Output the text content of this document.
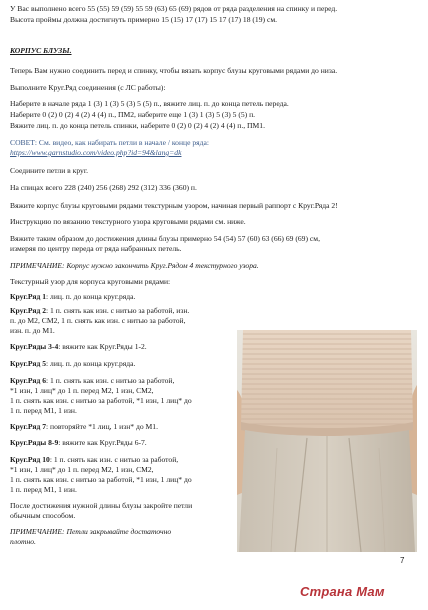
У Вас выполнено всего 55 (55) 59 (59) 55 59 (63) 65 (69) рядов от ряда разделения на спинку и перед.

Высота проймы должна достигнуть примерно 15 (15) 17 (17) 15 17 (17) 18 (19) см.

КОРПУС БЛУЗЫ.

Теперь Вам нужно соединить перед и спинку, чтобы вязать корпус блузы круговыми рядами до низа.

Выполните Круг.Ряд соединения (с ЛС работы):

Наберите в начале ряда 1 (3) 1 (3) 5 (3) 5 (5) п., вяжите лиц. п. до конца петель переда.

Наберите 0 (2) 0 (2) 4 (2) 4 (4) п., ПМ2, наберите еще 1 (3) 1 (3) 5 (3) 5 (5) п.

Вяжите лиц. п. до конца петель спинки, наберите 0 (2) 0 (2) 4 (2) 4 (4) п., ПМ1.

СОВЕТ: См. видео, как набирать петли в начале / конце ряда:

https://www.garnstudio.com/video.php?id=94&lang=dk

Соедините петли в круг.

На спицах всего 228 (240) 256 (268) 292 (312) 336 (360) п.

Вяжите корпус блузы круговыми рядами текстурным узором, начиная первый раппорт с Круг.Ряда 2!

Инструкцию по вязанию текстурного узора круговыми рядами см. ниже.

Вяжите таким образом до достижения длины блузы примерно 54 (54) 57 (60) 63 (66) 69 (69) см,

измеряя по центру переда от ряда набранных петель.

ПРИМЕЧАНИЕ: Корпус нужно закончить Круг.Рядом 4 текстурного узора.

Текстурный узор для корпуса круговыми рядами:

Круг.Ряд 1: лиц. п. до конца круг.ряда.

Круг.Ряд 2: 1 п. снять как изн. с нитью за работой, изн.

п. до М2, СМ2, 1 п. снять как изн. с нитью за работой,

изн. п. до М1.

Круг.Ряды 3-4: вяжите как Круг.Ряды 1-2.

Круг.Ряд 5: лиц. п. до конца круг.ряда.

Круг.Ряд 6: 1 п. снять как изн. с нитью за работой,

*1 изн, 1 лиц* до 1 п. перед М2, 1 изн, СМ2,

1 п. снять как изн. с нитью за работой, *1 изн, 1 лиц* до

1 п. перед М1, 1 изн.

Круг.Ряд 7: повторяйте *1 лиц, 1 изн* до М1.

Круг.Ряды 8-9: вяжите как Круг.Ряды 6-7.

Круг.Ряд 10: 1 п. снять как изн. с нитью за работой,

*1 изн, 1 лиц* до 1 п. перед М2, 1 изн, СМ2,

1 п. снять как изн. с нитью за работой, *1 изн, 1 лиц* до

1 п. перед М1, 1 изн.

После достижения нужной длины блузы закройте петли

обычным способом.

ПРИМЕЧАНИЕ: Петли закрывайте достаточно

плотно.

7
Страна Мам
